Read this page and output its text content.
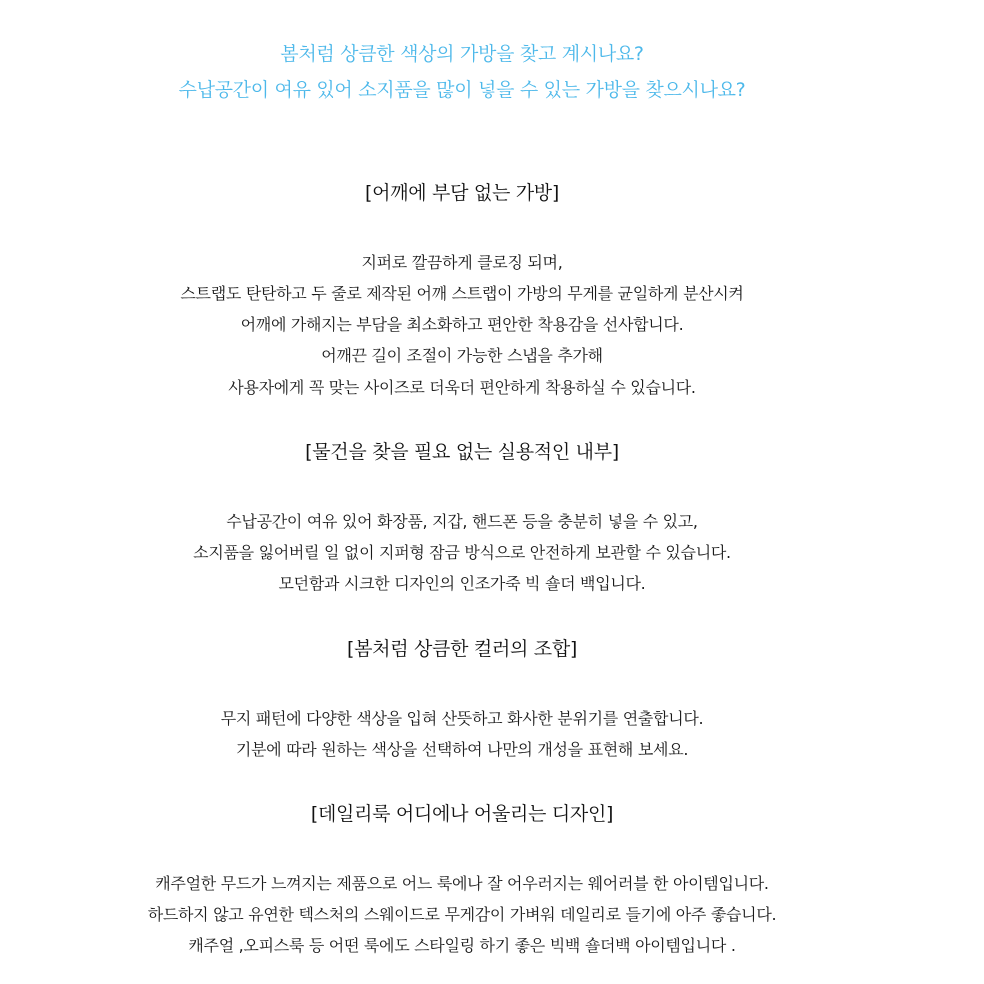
봄처럼 상큼한 색상의 가방을 찾고 계시나요?
수납공간이 여유 있어 소지품을 많이 넣을 수 있는 가방을 찾으시나요?
[어깨에 부담 없는 가방]
지퍼로 깔끔하게 클로징 되며,
스트랩도 탄탄하고 두 줄로 제작된 어깨 스트랩이 가방의 무게를 균일하게 분산시켜
어깨에 가해지는 부담을 최소화하고 편안한 착용감을 선사합니다.
어깨끈 길이 조절이 가능한 스냅을 추가해
사용자에게 꼭 맞는 사이즈로 더욱더 편안하게 착용하실 수 있습니다.
[물건을 찾을 필요 없는 실용적인 내부]
수납공간이 여유 있어 화장품, 지갑, 핸드폰 등을 충분히 넣을 수 있고,
소지품을 잃어버릴 일 없이 지퍼형 잠금 방식으로 안전하게 보관할 수 있습니다.
모던함과 시크한 디자인의 인조가죽 빅 숄더 백입니다.
[봄처럼 상큼한 컬러의 조합]
무지 패턴에 다양한 색상을 입혀 산뜻하고 화사한 분위기를 연출합니다.
기분에 따라 원하는 색상을 선택하여 나만의 개성을 표현해 보세요.
[데일리룩 어디에나 어울리는 디자인]
캐주얼한 무드가 느껴지는 제품으로 어느 룩에나 잘 어우러지는 웨어러블 한 아이템입니다.
하드하지 않고 유연한 텍스처의 스웨이드로 무게감이 가벼워 데일리로 들기에 아주 좋습니다.
캐주얼 ,오피스룩 등 어떤 룩에도 스타일링 하기 좋은 빅백 숄더백 아이템입니다 .
